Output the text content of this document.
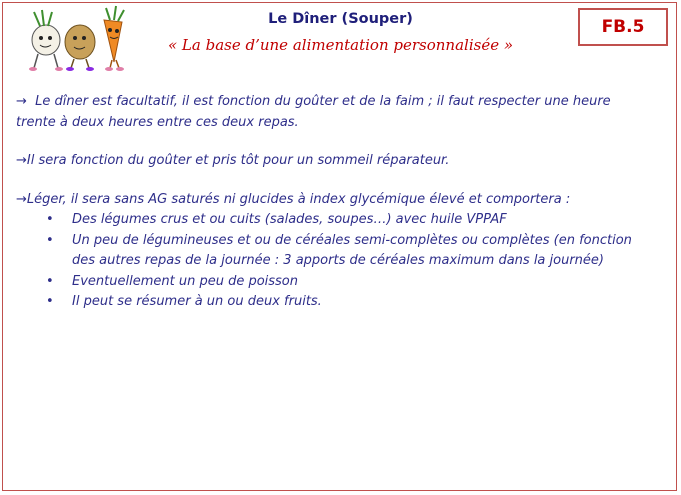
Le Dîner (Souper)
« La base d’une alimentation personnalisée »
FB.5

→ Le dîner est facultatif, il est fonction du goûter et de la faim ; il faut respecter une heure trente à deux heures entre ces deux repas.

→Il sera fonction du goûter et pris tôt pour un sommeil réparateur.

→Léger, il sera sans AG saturés ni glucides à index glycémique élevé et comportera :

• Des légumes crus et ou cuits (salades, soupes…) avec huile VPPAF
• Un peu de légumineuses et ou de céréales semi-complètes ou complètes (en fonction des autres repas de la journée : 3 apports de céréales maximum dans la journée)
• Eventuellement un peu de poisson
• Il peut se résumer à un ou deux fruits.
